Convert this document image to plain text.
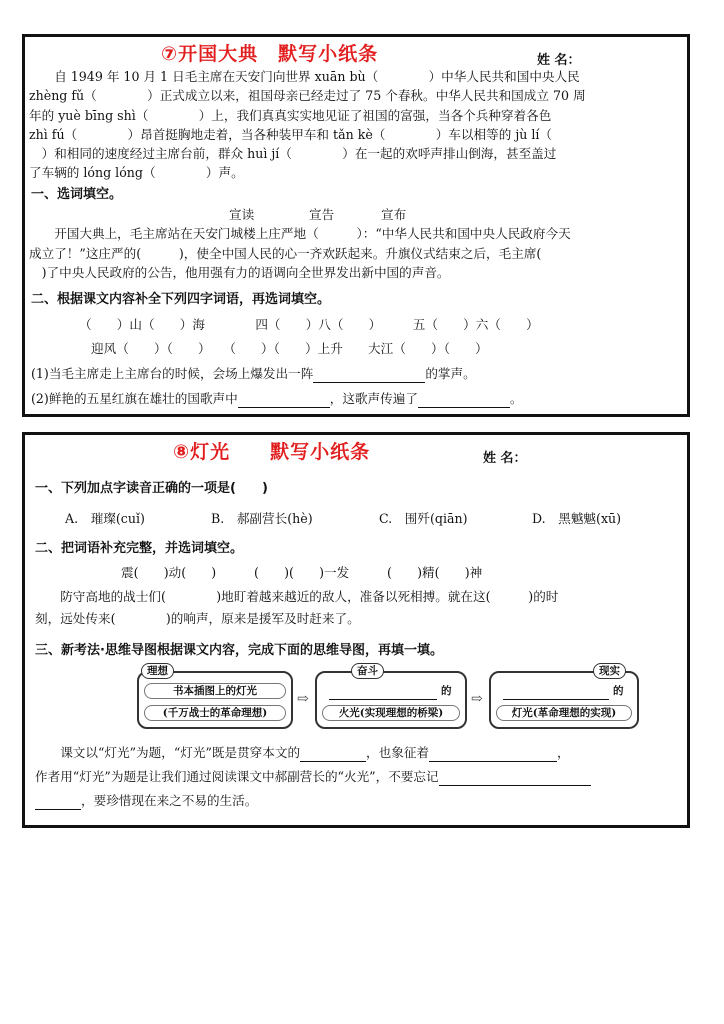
⑦开国大典　默写小纸条	姓 名：
　　自 1949 年 10 月 1 日毛主席在天安门向世界 xuān bù（　　　　）中华人民共和国中央人民
zhèng fǔ（　　　　）正式成立以来，祖国母亲已经走过了 75 个春秋。中华人民共和国成立 70 周
年的 yuè bīng shì（　　　　）上，我们真真实实地见证了祖国的富强，当各个兵种穿着各色
zhì fú（　　　　）昂首挺胸地走着，当各种装甲车和 tǎn kè（　　　　）车以相等的 jù lí（　　
　）和相同的速度经过主席台前，群众 huì jí（　　　　）在一起的欢呼声排山倒海，甚至盖过
了车辆的 lóng lóng（　　　　）声。
一、选词填空。
宣读	宣告	宣布
　　开国大典上，毛主席站在天安门城楼上庄严地（　　　）：“中华人民共和国中央人民政府今天
成立了！”这庄严的(　　　)，使全中国人民的心一齐欢跃起来。升旗仪式结束之后，毛主席(
　)了中央人民政府的公告，他用强有力的语调向全世界发出新中国的声音。
二、根据课文内容补全下列四字词语，再选词填空。
（　　）山（　　）海　　　　四（　　）八（　　）　　　五（　　）六（　　）
迎风（　　）（　　）　　（　　）（　　）上升　　大江（　　）（　　）
(1)当毛主席走上主席台的时候，会场上爆发出一阵	的掌声。
(2)鲜艳的五星红旗在雄壮的国歌声中	，这歌声传遍了	。
⑧灯光　　默写小纸条	姓 名：
一、下列加点字读音正确的一项是(　　)
A.　璀璨(cuǐ)	B.　郝副营长(hè)	C.　围歼(qiān)	D.　黑魆魆(xū)
二、把词语补充完整，并选词填空。
震(　　)动(　　)　　　(　　)(　　)一发　　　(　　)精(　　)神
　　防守高地的战士们(　　　　)地盯着越来越近的敌人，准备以死相搏。就在这(　　　)的时
刻，远处传来(　　　　)的响声，原来是援军及时赶来了。
三、新考法·思维导图根据课文内容，完成下面的思维导图，再填一填。
书本插图上的灯光
(千万战士的革命理想)
理想
⇨	的
火光(实现理想的桥梁)
奋斗
⇨	的
灯光(革命理想的实现)
现实
　　课文以“灯光”为题，“灯光”既是贯穿本文的	，也象征着	，
作者用“灯光”为题是让我们通过阅读课文中郝副营长的“火光”，不要忘记
，要珍惜现在来之不易的生活。
